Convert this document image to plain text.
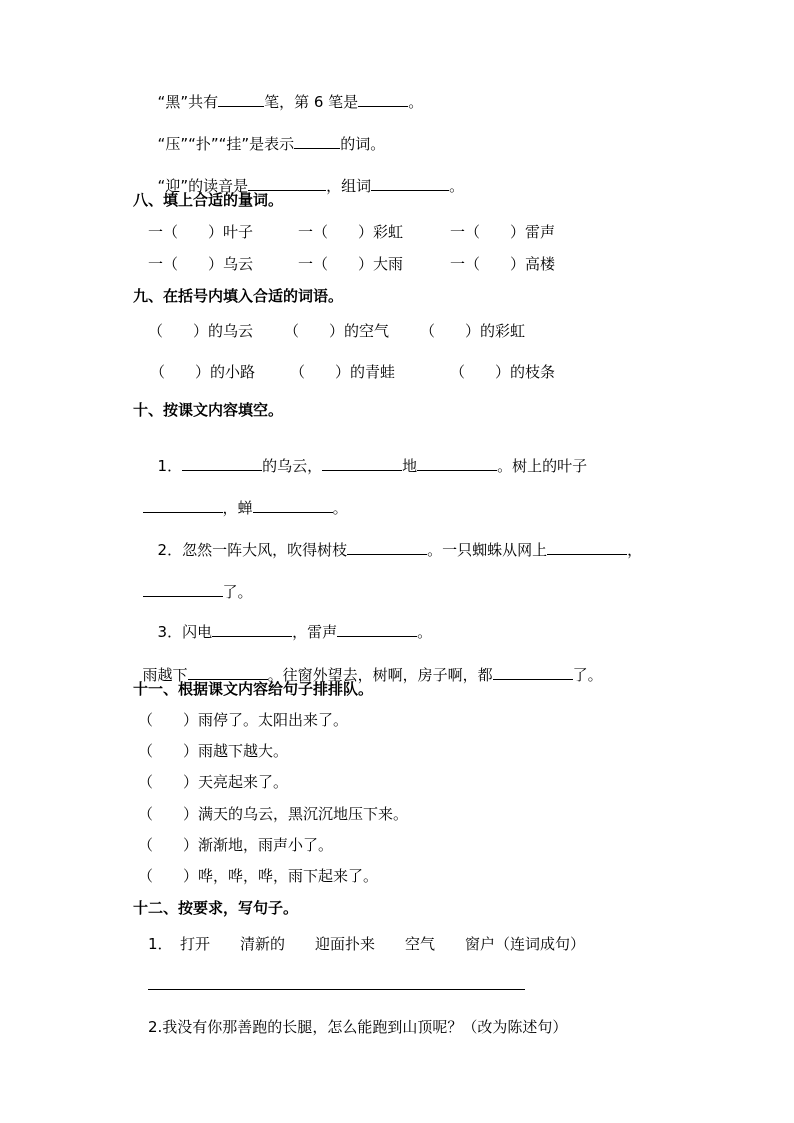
“黑”共有	笔，第 6 笔是	。

“压”“扑”“挂”是表示	的词。

“迎”的读音是	，组词	。

八、填上合适的量词。
一（　　）叶子	一（　　）彩虹	一（　　）雷声
一（　　）乌云	一（　　）大雨	一（　　）高楼
九、在括号内填入合适的词语。
（　　）的乌云 （　　）的空气 （　　）的彩虹
（　　）的小路 （　　）的青蛙	（　　）的枝条
十、按课文内容填空。

1．	的乌云，	地	。树上的叶子

，蝉	。

2．忽然一阵大风，吹得树枝	。一只蜘蛛从网上	，

了。

3．闪电	，雷声	。

雨越下	。往窗外望去，树啊，房子啊，都	了。

十一、根据课文内容给句子排排队。
（　　）雨停了。太阳出来了。
（　　）雨越下越大。
（　　）天亮起来了。
（　　）满天的乌云，黑沉沉地压下来。
（　　）渐渐地，雨声小了。
（　　）哗，哗，哗，雨下起来了。
十二、按要求，写句子。
1．　打开　　清新的　　迎面扑来　　空气　　窗户（连词成句）
2.我没有你那善跑的长腿，怎么能跑到山顶呢？（改为陈述句）
